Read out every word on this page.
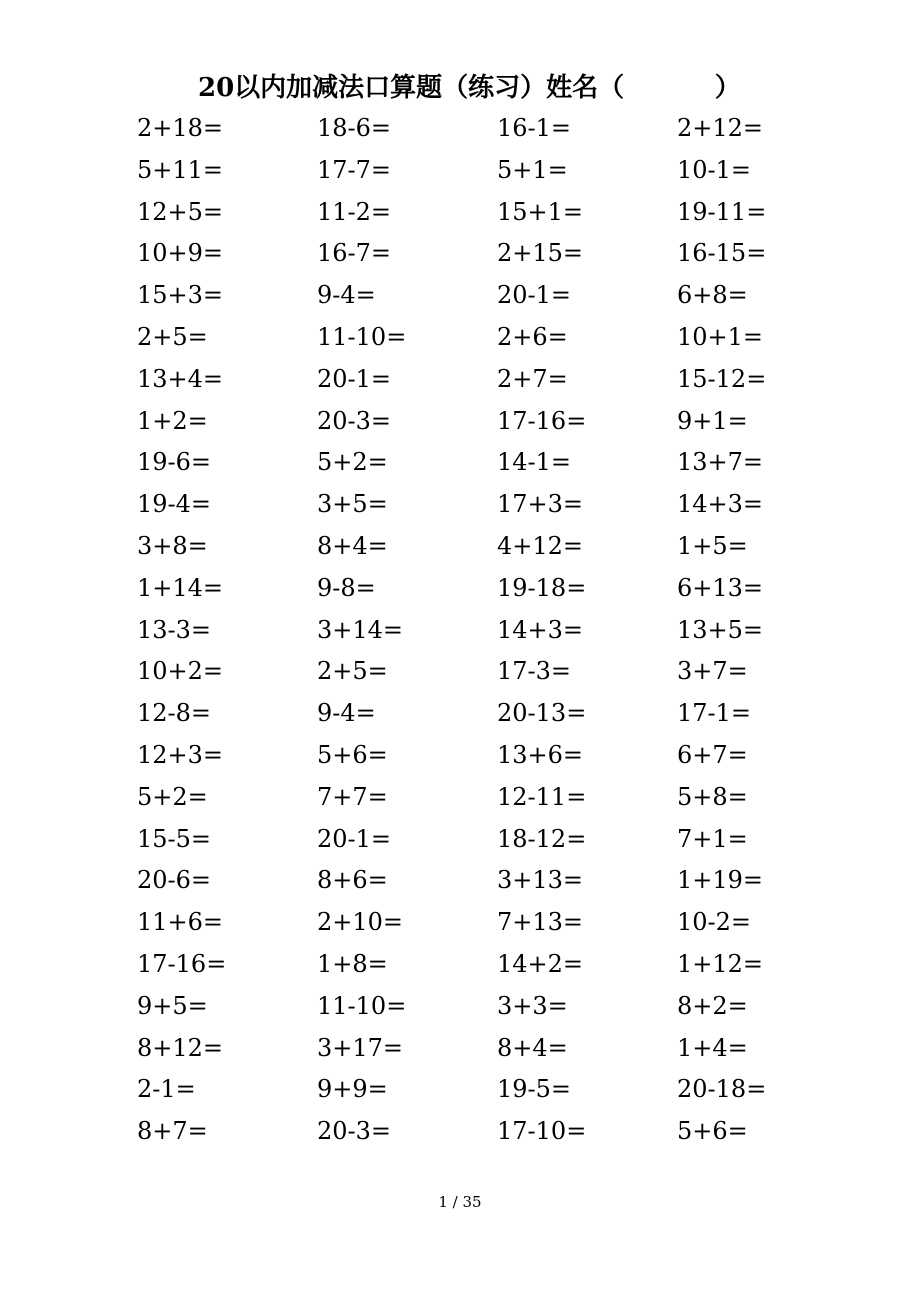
20以内加减法口算题（练习）姓名（          ）
2+18=	18-6=	16-1=	2+12=
5+11=	17-7=	5+1=	10-1=
12+5=	11-2=	15+1=	19-11=
10+9=	16-7=	2+15=	16-15=
15+3=	9-4=	20-1=	6+8=
2+5=	11-10=	2+6=	10+1=
13+4=	20-1=	2+7=	15-12=
1+2=	20-3=	17-16=	9+1=
19-6=	5+2=	14-1=	13+7=
19-4=	3+5=	17+3=	14+3=
3+8=	8+4=	4+12=	1+5=
1+14=	9-8=	19-18=	6+13=
13-3=	3+14=	14+3=	13+5=
10+2=	2+5=	17-3=	3+7=
12-8=	9-4=	20-13=	17-1=
12+3=	5+6=	13+6=	6+7=
5+2=	7+7=	12-11=	5+8=
15-5=	20-1=	18-12=	7+1=
20-6=	8+6=	3+13=	1+19=
11+6=	2+10=	7+13=	10-2=
17-16=	1+8=	14+2=	1+12=
9+5=	11-10=	3+3=	8+2=
8+12=	3+17=	8+4=	1+4=
2-1=	9+9=	19-5=	20-18=
8+7=	20-3=	17-10=	5+6=
1 / 35
